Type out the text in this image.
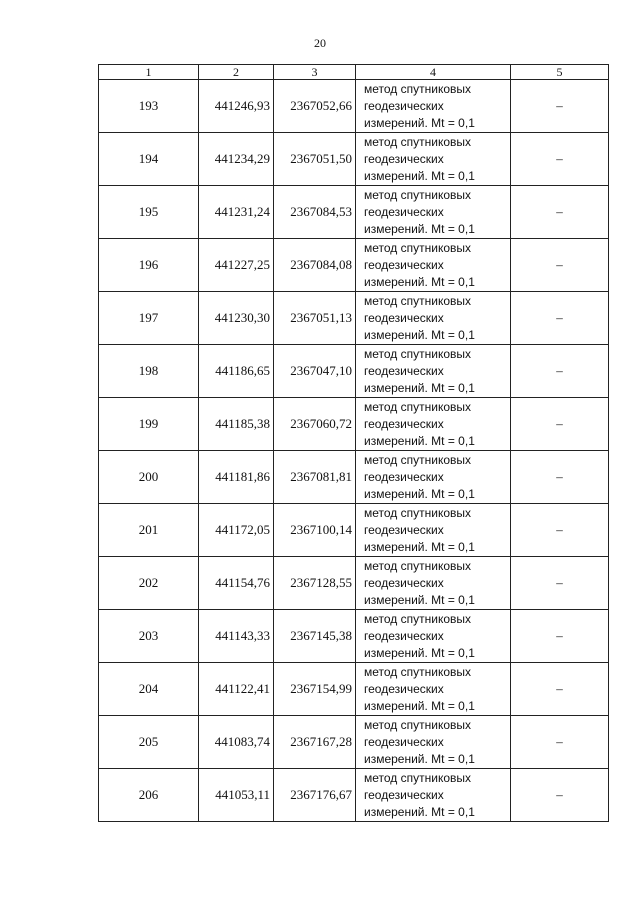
20
1	2	3	4	5
193	441246,93	2367052,66	метод спутниковых
геодезических
измерений. Mt = 0,1	–
194	441234,29	2367051,50	метод спутниковых
геодезических
измерений. Mt = 0,1	–
195	441231,24	2367084,53	метод спутниковых
геодезических
измерений. Mt = 0,1	–
196	441227,25	2367084,08	метод спутниковых
геодезических
измерений. Mt = 0,1	–
197	441230,30	2367051,13	метод спутниковых
геодезических
измерений. Mt = 0,1	–
198	441186,65	2367047,10	метод спутниковых
геодезических
измерений. Mt = 0,1	–
199	441185,38	2367060,72	метод спутниковых
геодезических
измерений. Mt = 0,1	–
200	441181,86	2367081,81	метод спутниковых
геодезических
измерений. Mt = 0,1	–
201	441172,05	2367100,14	метод спутниковых
геодезических
измерений. Mt = 0,1	–
202	441154,76	2367128,55	метод спутниковых
геодезических
измерений. Mt = 0,1	–
203	441143,33	2367145,38	метод спутниковых
геодезических
измерений. Mt = 0,1	–
204	441122,41	2367154,99	метод спутниковых
геодезических
измерений. Mt = 0,1	–
205	441083,74	2367167,28	метод спутниковых
геодезических
измерений. Mt = 0,1	–
206	441053,11	2367176,67	метод спутниковых
геодезических
измерений. Mt = 0,1	–
